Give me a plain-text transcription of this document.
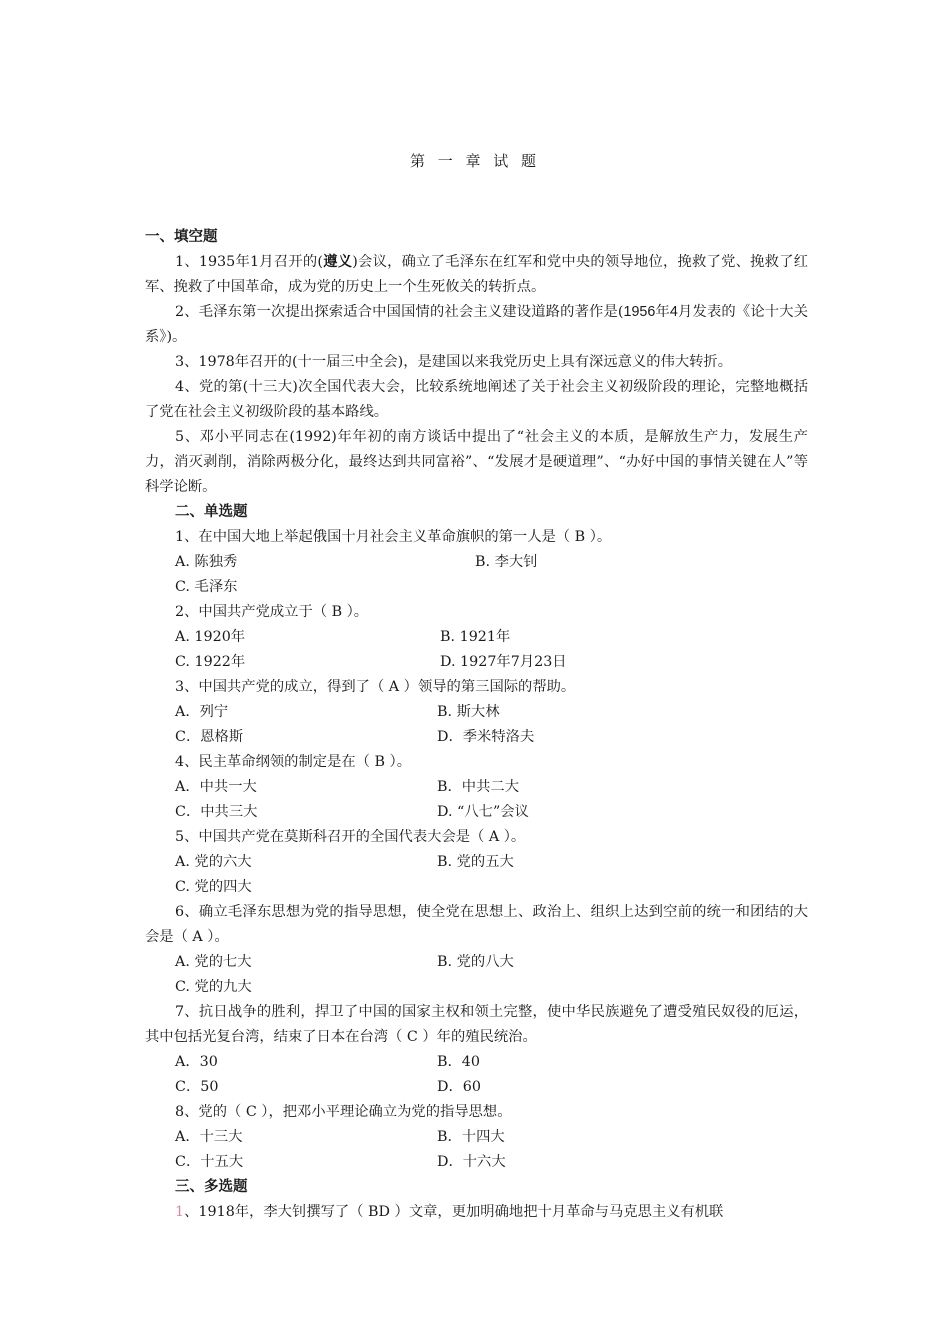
第 一 章 试 题

一、填空题

1、1935年1月召开的(遵义)会议，确立了毛泽东在红军和党中央的领导地位，挽救了党、挽救了红军、挽救了中国革命，成为党的历史上一个生死攸关的转折点。

2、毛泽东第一次提出探索适合中国国情的社会主义建设道路的著作是(1956年4月发表的《论十大关系》)。

3、1978年召开的(十一届三中全会)，是建国以来我党历史上具有深远意义的伟大转折。

4、党的第(十三大)次全国代表大会，比较系统地阐述了关于社会主义初级阶段的理论，完整地概括了党在社会主义初级阶段的基本路线。

5、邓小平同志在(1992)年年初的南方谈话中提出了“社会主义的本质，是解放生产力，发展生产力，消灭剥削，消除两极分化，最终达到共同富裕”、“发展才是硬道理”、“办好中国的事情关键在人”等科学论断。

二、单选题

1、在中国大地上举起俄国十月社会主义革命旗帜的第一人是（ B ）。

A. 陈独秀	B. 李大钊
C. 毛泽东

2、中国共产党成立于（ B ）。

A. 1920年	B. 1921年
C. 1922年	D. 1927年7月23日

3、中国共产党的成立，得到了（ A ）领导的第三国际的帮助。

A．列宁	B. 斯大林
C．恩格斯	D．季米特洛夫

4、民主革命纲领的制定是在（ B ）。

A．中共一大	B．中共二大
C．中共三大	D. “八七”会议

5、中国共产党在莫斯科召开的全国代表大会是（ A ）。

A. 党的六大	B. 党的五大
C. 党的四大

6、确立毛泽东思想为党的指导思想，使全党在思想上、政治上、组织上达到空前的统一和团结的大会是（ A ）。

A. 党的七大	B. 党的八大
C. 党的九大

7、抗日战争的胜利，捍卫了中国的国家主权和领土完整，使中华民族避免了遭受殖民奴役的厄运，其中包括光复台湾，结束了日本在台湾（ C ）年的殖民统治。

A．30	B．40
C．50	D．60

8、党的（ C ），把邓小平理论确立为党的指导思想。

A．十三大	B．十四大
C．十五大	D．十六大

三、多选题

1、1918年，李大钊撰写了（ BD ）文章，更加明确地把十月革命与马克思主义有机联
